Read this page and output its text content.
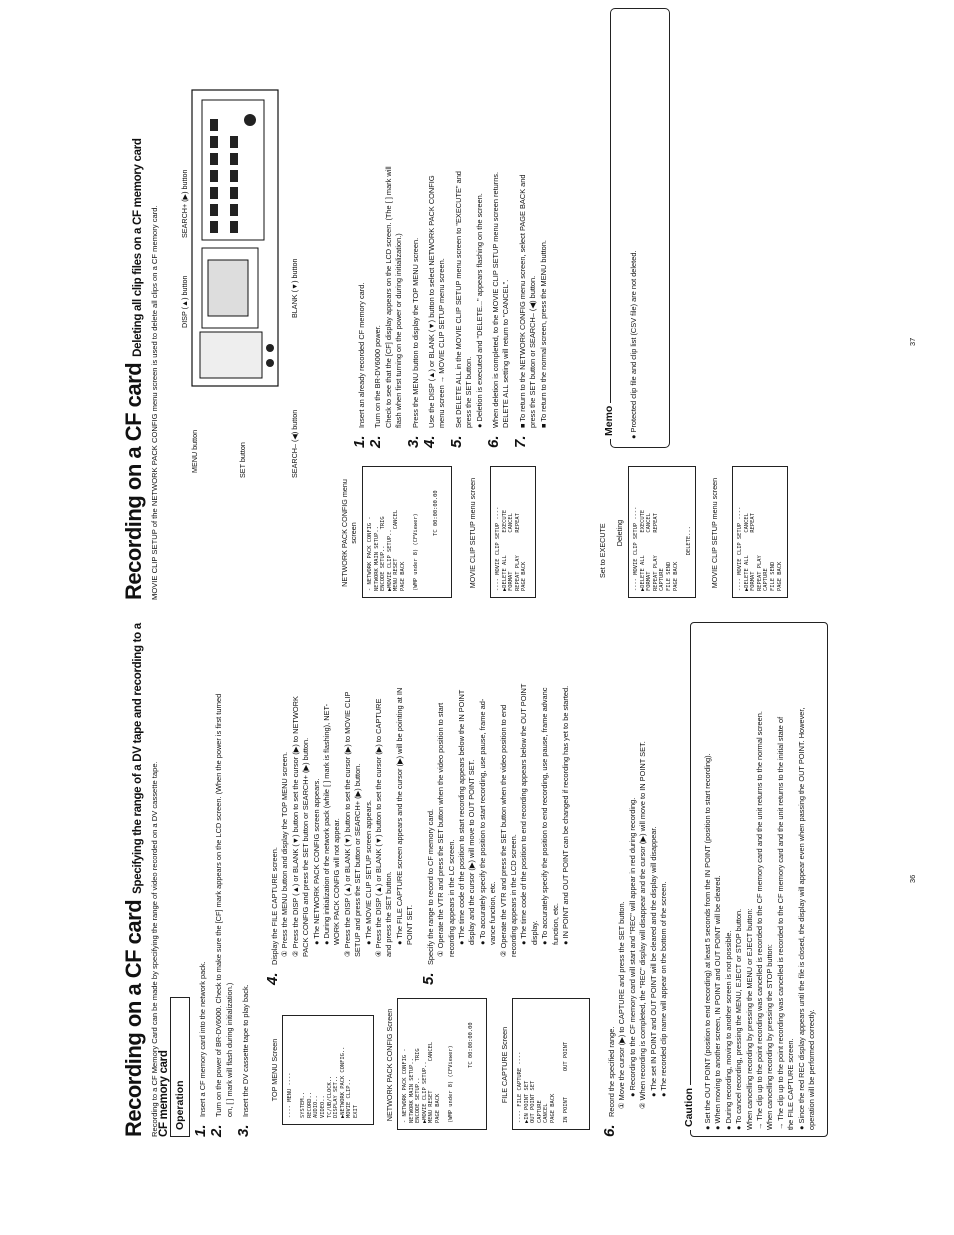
Recording on a CF cardSpecifying the range of a DV tape and recording to a CF memory card
Recording to a CF Memory Card can be made by specifying the range of video recorded on a DV cassette tape. Operation

1.Insert a CF memory card into the network pack.

2.Turn on the power of BR-DV6000. Check to make sure the [CF] mark appears on the LCD screen. (When the power is first turned on, [ ] mark will flash during initialization.)

3.Insert the DV cassette tape to play back.	TOP MENU Screen
---- MENU ----

SYSTEM..
RECORD..
AUDIO..
VIDEO..
TC/UB/CLOCK..
DISPLAY SET..
▶NETWORK PACK CONFIG..
MOVIE CLIP..
EXIT	NETWORK PACK CONFIG Screen
- NETWORK PACK CONFIG -
NETWORK MAIN SETUP..
ENCODE SETUP..     TRIG
▶MOVIE CLIP SETUP..
MENU RESET         CANCEL
PAGE BACK

(WMP under 8) (CFViewer)

TC 00:00:00.00	FILE CAPTURE Screen
---- FILE CAPTURE ----
▶IN POINT SET
OUT POINT SET
CAPTURE
CANCEL
PAGE BACK

IN POINT        OUT POINT

4.Display the FILE CAPTURE screen. ① Press the MENU button and display the TOP MENU screen. ② Press the DISP (▲) or BLANK (▼) button to set the cursor (▶) to NETWORK PACK CONFIG and press the SET button or SEARCH+ (▶) button. ● The NETWORK PACK CONFIG screen appears. ● During initialization of the network pack (while [ ] mark is flashing), NET- WORK PACK CONFIG will not appear. ③ Press the DISP (▲) or BLANK (▼) button to set the cursor (▶) to MOVIE CLIP SETUP and press the SET button or SEARCH+ (▶) button. ● The MOVIE CLIP SETUP screen appears. ④ Press the DISP (▲) or BLANK (▼) button to set the cursor (▶) to CAPTURE and press the SET button. ● The FILE CAPTURE screen appears and the cursor (▶) will be pointing at IN POINT SET.

5.Specify the range to record to CF memory card. ① Operate the VTR and press the SET button when the video position to start recording appears in the LC screen. ● The time code of the position to start recording appears below the IN POINT display and the cursor (▶) will move to OUT POINT SET. ● To accurately specify the position to start recording, use pause, frame ad- vance function, etc. ② Operate the VTR and press the SET button when the video position to end recording appears in the LCD screen. ● The time code of the position to end recording appears below the OUT POINT display. ● To accurately specify the position to end recording, use pause, frame advanc function, etc. ● IN POINT and OUT POINT can be changed if recording has yet to be started.

6.Record the specified range. ① Move the cursor (▶) to CAPTURE and press the SET button. ● Recording to the CF memory card will start and "REC" will appear in red during recording. ② When recording is completed, the "REC" display will disappear and the cursor (▶) will move to IN POINT SET. ● The set IN POINT and OUT POINT will be cleared and the display will disappear. ● The recorded clip name will appear on the bottom of the screen.

Caution ● Set the OUT POINT (position to end recording) at least 5 seconds from the IN POINT (position to start recording). ● When moving to another screen, IN POINT and OUT POINT will be cleared. ● During recording, moving to another screen is not possible. ● To cancel recording, pressing the MENU, EJECT or STOP button. When cancelling recording by pressing the MENU or EJECT button: → The clip up to the point recording was cancelled is recorded to the CF memory card and the unit returns to the normal screen. When cancelling recording by pressing the STOP button: → The clip up to the point recording was cancelled is recorded to the CF memory card and the unit returns to the initial state of the FILE CAPTURE screen. ● Since the red REC display appears until the file is closed, the display will appear even when passing the OUT POINT. However, operation will be performed correctly.

36
Recording on a CF cardDeleting all clip files on a CF memory card MOVIE CLIP SETUP of the NETWORK PACK CONFIG menu screen is used to delete all clips on a CF memory card.	MENU button
DISP (▲) button
SEARCH+ (▶) button
SET button	SEARCH– (◀) button
BLANK (▼) button
NETWORK PACK CONFIG menu screen
- NETWORK PACK CONFIG -
NETWORK MAIN SETUP..
ENCODE SETUP..     TRIG
▶MOVIE CLIP SETUP..
MENU RESET         CANCEL
PAGE BACK

(WMP under 8) (CFViewer)

TC 00:00:00.00	MOVIE CLIP SETUP menu screen	---- MOVIE CLIP SETUP ----
▶DELETE ALL       EXECUTE
FORMAT            CANCEL
REPEAT PLAY       REPEAT
PAGE BACK	Set to EXECUTE Deleting
---- MOVIE CLIP SETUP ----
▶DELETE ALL       EXECUTE
FORMAT            CANCEL
REPEAT PLAY       REPEAT
CAPTURE
FILE SEND
PAGE BACK

DELETE...	MOVIE CLIP SETUP menu screen	---- MOVIE CLIP SETUP ----
▶DELETE ALL       CANCEL
FORMAT            REPEAT
REPEAT PLAY
CAPTURE
FILE SEND
PAGE BACK

1.Insert an already recorded CF memory card.

2.Turn on the BR-DV6000 power. Check to see that the [CF] display appears on the LCD screen. (The [ ] mark will flash when first turning on the power or during initialization.)

3.Press the MENU button to display the TOP MENU screen.

4.Use the DISP (▲) or BLANK (▼) button to select NETWORK PACK CONFIG menu screen → MOVIE CLIP SETUP menu screen.

5.Set DELETE ALL in the MOVIE CLIP SETUP menu screen to "EXECUTE" and press the SET button. ● Deletion is executed and "DELETE..." appears flashing on the screen.

6.When deletion is completed, to the MOVIE CLIP SETUP menu screen returns. DELETE ALL setting will return to "CANCEL".

7.■ To return to the NETWORK CONFIG menu screen, select PAGE BACK and press the SET button or SEARCH– (◀) button. ■ To return to the normal screen, press the MENU button.	Memo ● Protected clip file and clip list (CSV file) are not deleted.	37
